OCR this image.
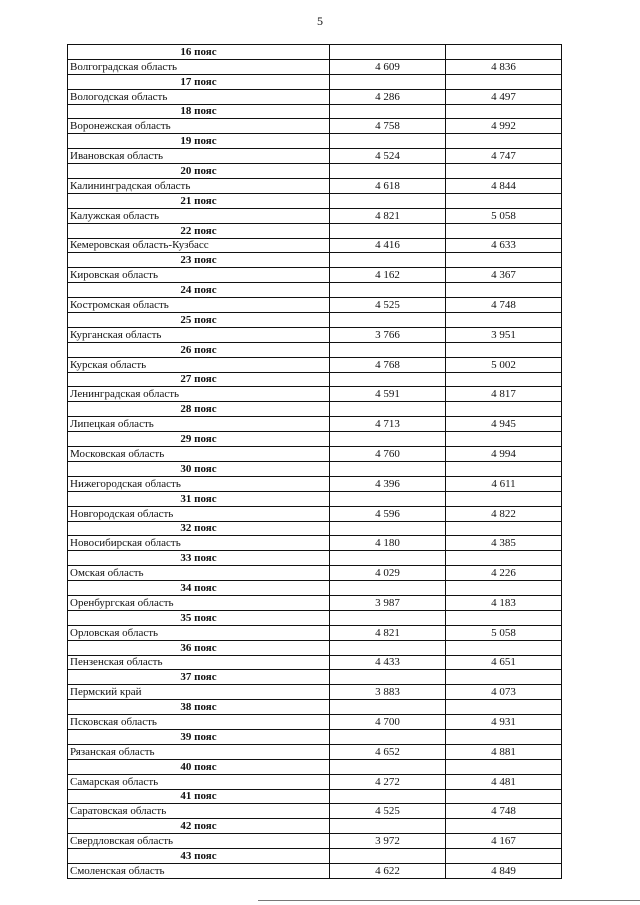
5
16 пояс		
Волгоградская область	4 609	4 836
17 пояс		
Вологодская область	4 286	4 497
18 пояс		
Воронежская область	4 758	4 992
19 пояс		
Ивановская область	4 524	4 747
20 пояс		
Калининградская область	4 618	4 844
21 пояс		
Калужская область	4 821	5 058
22 пояс		
Кемеровская область-Кузбасс	4 416	4 633
23 пояс		
Кировская область	4 162	4 367
24 пояс		
Костромская область	4 525	4 748
25 пояс		
Курганская область	3 766	3 951
26 пояс		
Курская область	4 768	5 002
27 пояс		
Ленинградская область	4 591	4 817
28 пояс		
Липецкая область	4 713	4 945
29 пояс		
Московская область	4 760	4 994
30 пояс		
Нижегородская область	4 396	4 611
31 пояс		
Новгородская область	4 596	4 822
32 пояс		
Новосибирская область	4 180	4 385
33 пояс		
Омская область	4 029	4 226
34 пояс		
Оренбургская область	3 987	4 183
35 пояс		
Орловская область	4 821	5 058
36 пояс		
Пензенская область	4 433	4 651
37 пояс		
Пермский край	3 883	4 073
38 пояс		
Псковская область	4 700	4 931
39 пояс		
Рязанская область	4 652	4 881
40 пояс		
Самарская область	4 272	4 481
41 пояс		
Саратовская область	4 525	4 748
42 пояс		
Свердловская область	3 972	4 167
43 пояс		
Смоленская область	4 622	4 849
